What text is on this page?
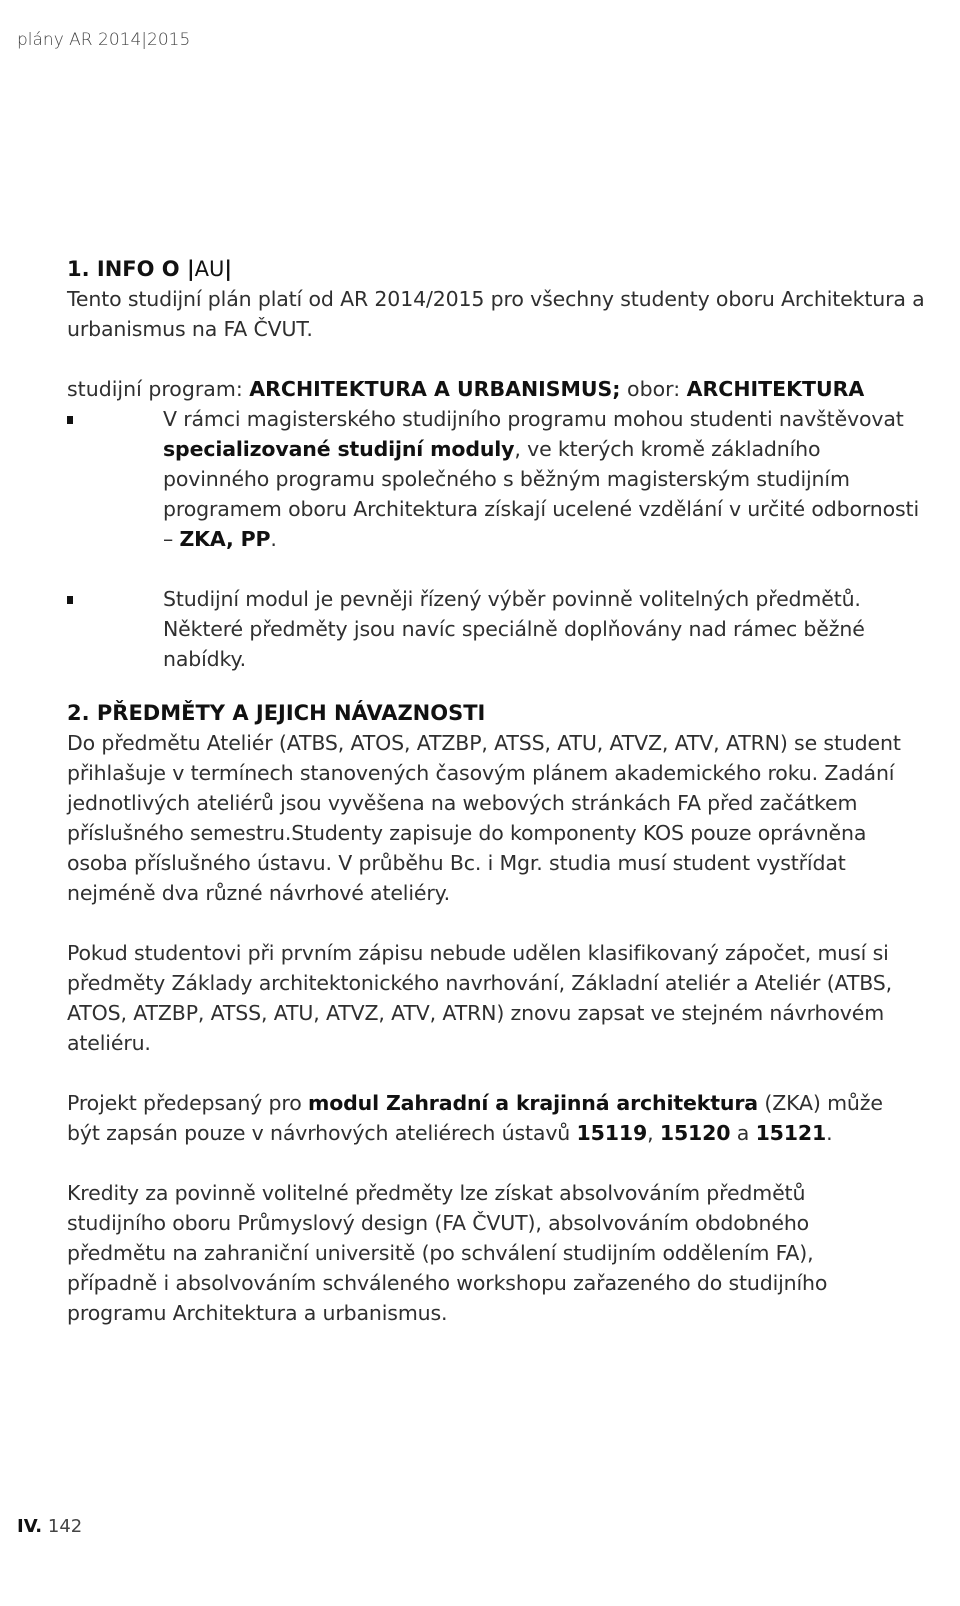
plány AR 2014|2015
1. INFO O |AU|

Tento studijní plán platí od AR 2014/2015 pro všechny studenty oboru Architektura a urbanismus na FA ČVUT.

studijní program: ARCHITEKTURA A URBANISMUS; obor: ARCHITEKTURA

V rámci magisterského studijního programu mohou studenti navštěvovat specializované studijní moduly, ve kterých kromě základního povinného programu společného s běžným magisterským studijním programem oboru Architektura získají ucelené vzdělání v určité odbornosti – ZKA, PP.

Studijní modul je pevněji řízený výběr povinně volitelných předmětů. Některé předměty jsou navíc speciálně doplňovány nad rámec běžné nabídky.

2. PŘEDMĚTY A JEJICH NÁVAZNOSTI

Do předmětu Ateliér (ATBS, ATOS, ATZBP, ATSS, ATU, ATVZ, ATV, ATRN) se student přihlašuje v termínech stanovených časovým plánem akademického roku. Zadání jednotlivých ateliérů jsou vyvěšena na webových stránkách FA před začátkem příslušného semestru.Studenty zapisuje do komponenty KOS pouze oprávněna osoba příslušného ústavu. V průběhu Bc. i Mgr. studia musí student vystřídat nejméně dva různé návrhové ateliéry.

Pokud studentovi při prvním zápisu nebude udělen klasifikovaný zápočet, musí si předměty Základy architektonického navrhování, Základní ateliér a Ateliér (ATBS, ATOS, ATZBP, ATSS, ATU, ATVZ, ATV, ATRN) znovu zapsat ve stejném návrhovém ateliéru.

Projekt předepsaný pro modul Zahradní a krajinná architektura (ZKA) může být zapsán pouze v návrhových ateliérech ústavů 15119, 15120 a 15121.

Kredity za povinně volitelné předměty lze získat absolvováním předmětů studijního oboru Průmyslový design (FA ČVUT), absolvováním obdobného předmětu na zahraniční universitě (po schválení studijním oddělením FA), případně i absolvováním schváleného workshopu zařazeného do studijního programu Architektura a urbanismus.

IV. 142
